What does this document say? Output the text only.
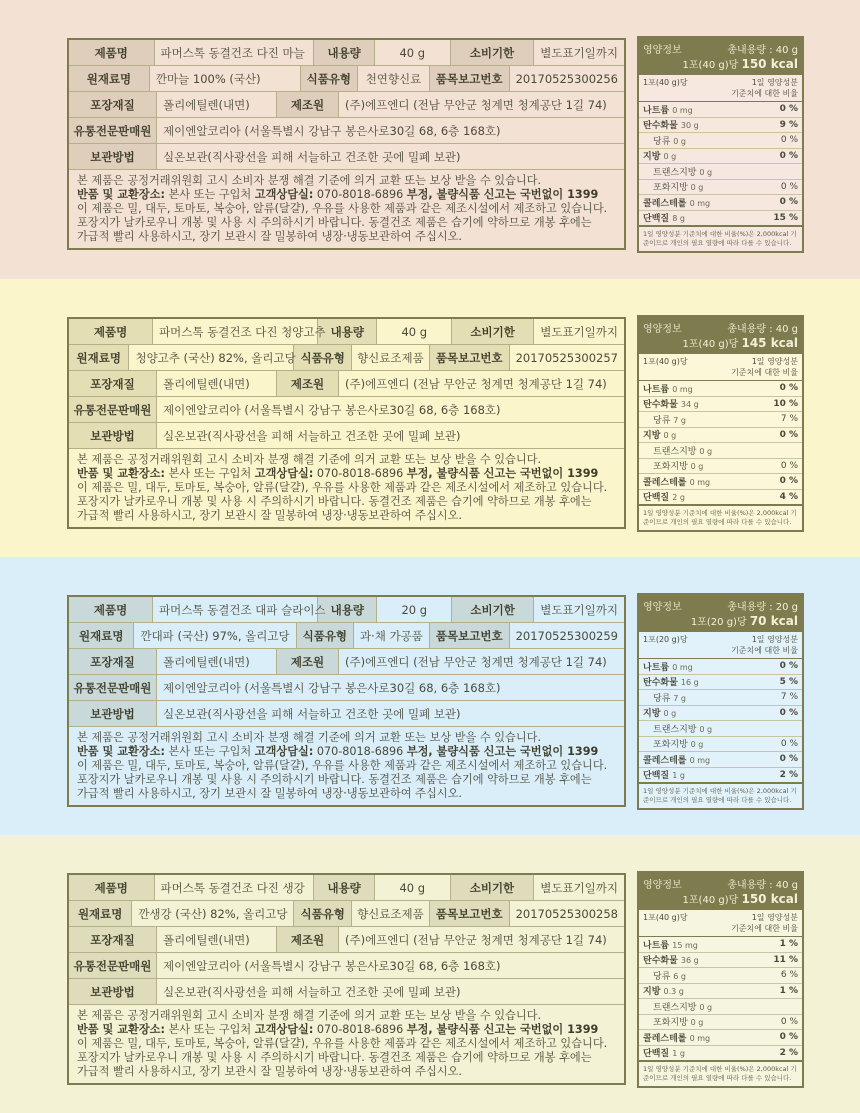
제품명	파머스톡 동결건조 다진 마늘	내용량	40 g	소비기한	별도표기일까지
원재료명	깐마늘 100% (국산)	식품유형	천연향신료	품목보고번호	20170525300256
포장재질	폴리에틸렌(내면)	제조원	(주)에프엔디 (전남 무안군 청계면 청계공단 1길 74)
유통전문판매원	제이엔알코리아 (서울특별시 강남구 봉은사로30길 68, 6층 168호)
보관방법	실온보관(직사광선을 피해 서늘하고 건조한 곳에 밀폐 보관)
본 제품은 공정거래위원회 고시 소비자 분쟁 해결 기준에 의거 교환 또는 보상 받을 수 있습니다.
반품 및 교환장소: 본사 또는 구입처 고객상담실: 070-8018-6896 부정, 불량식품 신고는 국번없이 1399
이 제품은 밀, 대두, 토마토, 복숭아, 알류(달걀), 우유를 사용한 제품과 같은 제조시설에서 제조하고 있습니다.
포장지가 날카로우니 개봉 및 사용 시 주의하시기 바랍니다. 동결건조 제품은 습기에 약하므로 개봉 후에는
가급적 빨리 사용하시고, 장기 보관시 잘 밀봉하여 냉장·냉동보관하여 주십시오.
영양정보	총내용량 : 40 g
1포(40 g)당 150 kcal
1포(40 g)당	1일 영양성분
기준치에 대한 비율
나트륨 0 mg	0 %
탄수화물 30 g	9 %
당류 0 g	0 %
지방 0 g	0 %
트랜스지방 0 g
포화지방 0 g	0 %
콜레스테롤 0 mg	0 %
단백질 8 g	15 %
1일 영양성분 기준치에 대한 비율(%)은 2,000kcal 기준이므로 개인의 필요 열량에 따라 다를 수 있습니다.
제품명	파머스톡 동결건조 다진 청양고추 내용량	40 g	소비기한	별도표기일까지
원재료명	청양고추 (국산) 82%, 올리고당 식품유형	향신료조제품	품목보고번호	20170525300257
포장재질	폴리에틸렌(내면)	제조원	(주)에프엔디 (전남 무안군 청계면 청계공단 1길 74)
유통전문판매원	제이엔알코리아 (서울특별시 강남구 봉은사로30길 68, 6층 168호)
보관방법	실온보관(직사광선을 피해 서늘하고 건조한 곳에 밀폐 보관)
본 제품은 공정거래위원회 고시 소비자 분쟁 해결 기준에 의거 교환 또는 보상 받을 수 있습니다.
반품 및 교환장소: 본사 또는 구입처 고객상담실: 070-8018-6896 부정, 불량식품 신고는 국번없이 1399
이 제품은 밀, 대두, 토마토, 복숭아, 알류(달걀), 우유를 사용한 제품과 같은 제조시설에서 제조하고 있습니다.
포장지가 날카로우니 개봉 및 사용 시 주의하시기 바랍니다. 동결건조 제품은 습기에 약하므로 개봉 후에는
가급적 빨리 사용하시고, 장기 보관시 잘 밀봉하여 냉장·냉동보관하여 주십시오.
영양정보	총내용량 : 40 g
1포(40 g)당 145 kcal
1포(40 g)당	1일 영양성분
기준치에 대한 비율
나트륨 0 mg	0 %
탄수화물 34 g	10 %
당류 7 g	7 %
지방 0 g	0 %
트랜스지방 0 g
포화지방 0 g	0 %
콜레스테롤 0 mg	0 %
단백질 2 g	4 %
1일 영양성분 기준치에 대한 비율(%)은 2,000kcal 기준이므로 개인의 필요 열량에 따라 다를 수 있습니다.
제품명	파머스톡 동결건조 대파 슬라이스 내용량	20 g	소비기한	별도표기일까지
원재료명	깐대파 (국산) 97%, 올리고당	식품유형	과·채 가공품	품목보고번호	20170525300259
포장재질	폴리에틸렌(내면)	제조원	(주)에프엔디 (전남 무안군 청계면 청계공단 1길 74)
유통전문판매원	제이엔알코리아 (서울특별시 강남구 봉은사로30길 68, 6층 168호)
보관방법	실온보관(직사광선을 피해 서늘하고 건조한 곳에 밀폐 보관)
본 제품은 공정거래위원회 고시 소비자 분쟁 해결 기준에 의거 교환 또는 보상 받을 수 있습니다.
반품 및 교환장소: 본사 또는 구입처 고객상담실: 070-8018-6896 부정, 불량식품 신고는 국번없이 1399
이 제품은 밀, 대두, 토마토, 복숭아, 알류(달걀), 우유를 사용한 제품과 같은 제조시설에서 제조하고 있습니다.
포장지가 날카로우니 개봉 및 사용 시 주의하시기 바랍니다. 동결건조 제품은 습기에 약하므로 개봉 후에는
가급적 빨리 사용하시고, 장기 보관시 잘 밀봉하여 냉장·냉동보관하여 주십시오.
영양정보	총내용량 : 20 g
1포(20 g)당 70 kcal
1포(20 g)당	1일 영양성분
기준치에 대한 비율
나트륨 0 mg	0 %
탄수화물 16 g	5 %
당류 7 g	7 %
지방 0 g	0 %
트랜스지방 0 g
포화지방 0 g	0 %
콜레스테롤 0 mg	0 %
단백질 1 g	2 %
1일 영양성분 기준치에 대한 비율(%)은 2,000kcal 기준이므로 개인의 필요 열량에 따라 다를 수 있습니다.
제품명	파머스톡 동결건조 다진 생강	내용량	40 g	소비기한	별도표기일까지
원재료명	깐생강 (국산) 82%, 올리고당	식품유형	향신료조제품	품목보고번호	20170525300258
포장재질	폴리에틸렌(내면)	제조원	(주)에프엔디 (전남 무안군 청계면 청계공단 1길 74)
유통전문판매원	제이엔알코리아 (서울특별시 강남구 봉은사로30길 68, 6층 168호)
보관방법	실온보관(직사광선을 피해 서늘하고 건조한 곳에 밀폐 보관)
본 제품은 공정거래위원회 고시 소비자 분쟁 해결 기준에 의거 교환 또는 보상 받을 수 있습니다.
반품 및 교환장소: 본사 또는 구입처 고객상담실: 070-8018-6896 부정, 불량식품 신고는 국번없이 1399
이 제품은 밀, 대두, 토마토, 복숭아, 알류(달걀), 우유를 사용한 제품과 같은 제조시설에서 제조하고 있습니다.
포장지가 날카로우니 개봉 및 사용 시 주의하시기 바랍니다. 동결건조 제품은 습기에 약하므로 개봉 후에는
가급적 빨리 사용하시고, 장기 보관시 잘 밀봉하여 냉장·냉동보관하여 주십시오.
영양정보	총내용량 : 40 g
1포(40 g)당 150 kcal
1포(40 g)당	1일 영양성분
기준치에 대한 비율
나트륨 15 mg	1 %
탄수화물 36 g	11 %
당류 6 g	6 %
지방 0.3 g	1 %
트랜스지방 0 g
포화지방 0 g	0 %
콜레스테롤 0 mg	0 %
단백질 1 g	2 %
1일 영양성분 기준치에 대한 비율(%)은 2,000kcal 기준이므로 개인의 필요 열량에 따라 다를 수 있습니다.
